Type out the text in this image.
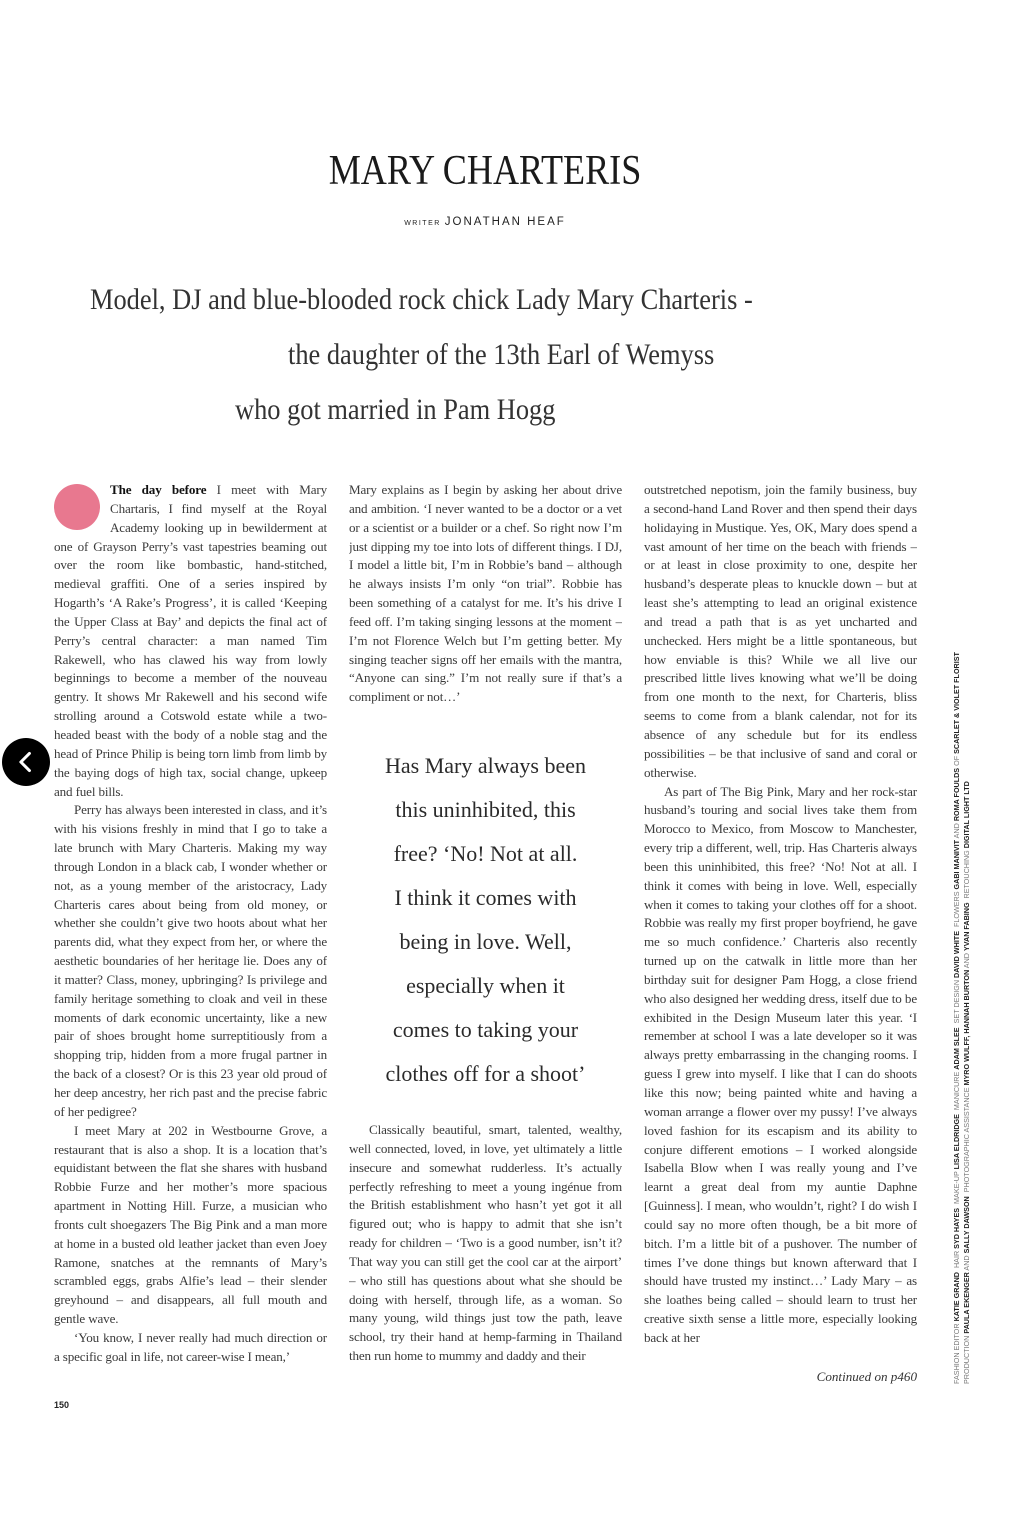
MARY CHARTERIS
WRITER JONATHAN HEAF
Model, DJ and blue-blooded rock chick Lady Mary Charteris -
the daughter of the 13th Earl of Wemyss
who got married in Pam Hogg

The day before I meet with Mary Chartaris, I find myself at the Royal Academy looking up in bewilderment at one of Grayson Perry’s vast tapestries beaming out over the room like bombastic, hand-stitched, medieval graffiti. One of a series inspired by Hogarth’s ‘A Rake’s Progress’, it is called ‘Keeping the Upper Class at Bay’ and depicts the final act of Perry’s central character: a man named Tim Rakewell, who has clawed his way from lowly beginnings to become a member of the nouveau gentry. It shows Mr Rakewell and his second wife strolling around a Cotswold estate while a two-headed beast with the body of a noble stag and the head of Prince Philip is being torn limb from limb by the baying dogs of high tax, social change, upkeep and fuel bills.

Perry has always been interested in class, and it’s with his visions freshly in mind that I go to take a late brunch with Mary Charteris. Making my way through London in a black cab, I wonder whether or not, as a young member of the aristocracy, Lady Charteris cares about being from old money, or whether she couldn’t give two hoots about what her parents did, what they expect from her, or where the aesthetic boundaries of her heritage lie. Does any of it matter? Class, money, upbringing? Is privilege and family heritage something to cloak and veil in these moments of dark economic uncertainty, like a new pair of shoes brought home surreptitiously from a shopping trip, hidden from a more frugal partner in the back of a closest? Or is this 23 year old proud of her deep ancestry, her rich past and the precise fabric of her pedigree?

I meet Mary at 202 in Westbourne Grove, a restaurant that is also a shop. It is a location that’s equidistant between the flat she shares with husband Robbie Furze and her mother’s more spacious apartment in Notting Hill. Furze, a musician who fronts cult shoegazers The Big Pink and a man more at home in a busted old leather jacket than even Joey Ramone, snatches at the remnants of Mary’s scrambled eggs, grabs Alfie’s lead – their slender greyhound – and disappears, all full mouth and gentle wave.

‘You know, I never really had much direction or a specific goal in life, not career-wise I mean,’

Mary explains as I begin by asking her about drive and ambition. ‘I never wanted to be a doctor or a vet or a scientist or a builder or a chef. So right now I’m just dipping my toe into lots of different things. I DJ, I model a little bit, I’m in Robbie’s band – although he always insists I’m only “on trial”. Robbie has been something of a catalyst for me. It’s his drive I feed off. I’m taking singing lessons at the moment – I’m not Florence Welch but I’m getting better. My singing teacher signs off her emails with the mantra, “Anyone can sing.” I’m not really sure if that’s a compliment or not…’

Has Mary always been
this uninhibited, this
free? ‘No! Not at all.
I think it comes with
being in love. Well,
especially when it
comes to taking your
clothes off for a shoot’

Classically beautiful, smart, talented, wealthy, well connected, loved, in love, yet ultimately a little insecure and somewhat rudderless. It’s actually perfectly refreshing to meet a young ingénue from the British establishment who hasn’t yet got it all figured out; who is happy to admit that she isn’t ready for children – ‘Two is a good number, isn’t it? That way you can still get the cool car at the airport’ – who still has questions about what she should be doing with herself, through life, as a woman. So many young, wild things just tow the path, leave school, try their hand at hemp-farming in Thailand then run home to mummy and daddy and their

outstretched nepotism, join the family business, buy a second-hand Land Rover and then spend their days holidaying in Mustique. Yes, OK, Mary does spend a vast amount of her time on the beach with friends – or at least in close proximity to one, despite her husband’s desperate pleas to knuckle down – but at least she’s attempting to lead an original existence and tread a path that is as yet uncharted and unchecked. Hers might be a little spontaneous, but how enviable is this? While we all live our prescribed little lives knowing what we’ll be doing from one month to the next, for Charteris, bliss seems to come from a blank calendar, not for its absence of any schedule but for its endless possibilities – be that inclusive of sand and coral or otherwise.

As part of The Big Pink, Mary and her rock-star husband’s touring and social lives take them from Morocco to Mexico, from Moscow to Manchester, every trip a different, well, trip. Has Charteris always been this uninhibited, this free? ‘No! Not at all. I think it comes with being in love. Well, especially when it comes to taking your clothes off for a shoot. Robbie was really my first proper boyfriend, he gave me so much confidence.’ Charteris also recently turned up on the catwalk in little more than her birthday suit for designer Pam Hogg, a close friend who also designed her wedding dress, itself due to be exhibited in the Design Museum later this year. ‘I remember at school I was a late developer so it was always pretty embarrassing in the changing rooms. I guess I grew into myself. I like that I can do shoots like this now; being painted white and having a woman arrange a flower over my pussy! I’ve always loved fashion for its escapism and its ability to conjure different emotions – I worked alongside Isabella Blow when I was really young and I’ve learnt a great deal from my auntie Daphne [Guinness]. I mean, who wouldn’t, right? I do wish I could say no more often though, be a bit more of bitch. I’m a little bit of a pushover. The number of times I’ve done things but known afterward that I should have trusted my instinct…’ Lady Mary – as she loathes being called – should learn to trust her creative sixth sense a little more, especially looking back at her

Continued on p460
150
FASHION EDITOR KATIE GRAND  HAIR SYD HAYES  MAKE-UP LISA ELDRIDGE  MANICURE ADAM SLEE  SET DESIGN DAVID WHITE  FLOWERS GABI MANIVIT AND ROMA FOULDS OF SCARLET & VIOLET FLORIST
PRODUCTION PAULA EKENGER AND SALLY DAWSON  PHOTOGRAPHIC ASSISTANCE MYRO WULFF, HANNAH BURTON AND YVAN FABING  RETOUCHING DIGITAL LIGHT LTD
